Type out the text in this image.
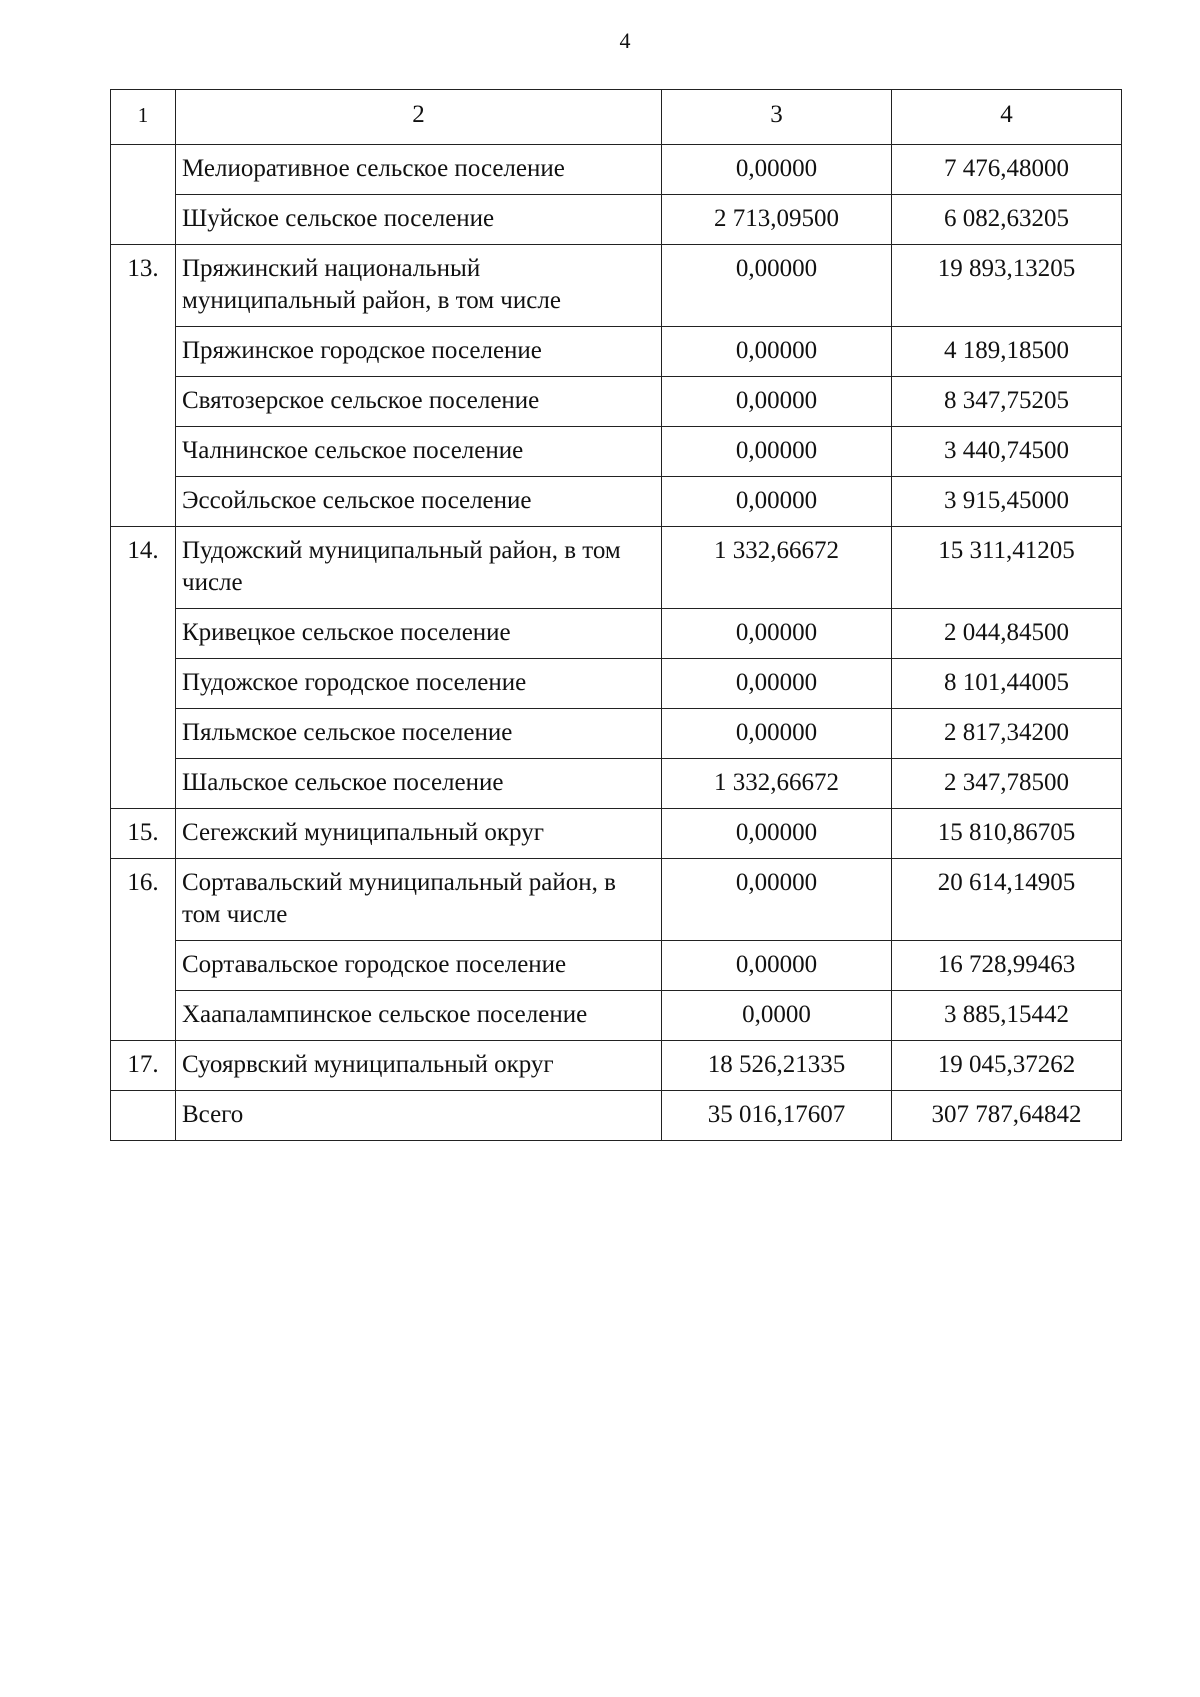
4
1	2	3	4
	Мелиоративное сельское поселение	0,00000	7 476,48000
	Шуйское сельское поселение	2 713,09500	6 082,63205
13.	Пряжинский национальный муниципальный район, в том числе	0,00000	19 893,13205
	Пряжинское городское поселение	0,00000	4 189,18500
	Святозерское сельское поселение	0,00000	8 347,75205
	Чалнинское сельское поселение	0,00000	3 440,74500
	Эссойльское сельское поселение	0,00000	3 915,45000
14.	Пудожский муниципальный район, в том числе	1 332,66672	15 311,41205
	Кривецкое сельское поселение	0,00000	2 044,84500
	Пудожское городское поселение	0,00000	8 101,44005
	Пяльмское сельское поселение	0,00000	2 817,34200
	Шальское сельское поселение	1 332,66672	2 347,78500
15.	Сегежский муниципальный округ	0,00000	15 810,86705
16.	Сортавальский муниципальный район, в том числе	0,00000	20 614,14905
	Сортавальское городское поселение	0,00000	16 728,99463
	Хаапалампинское сельское поселение	0,0000	3 885,15442
17.	Суоярвский муниципальный округ	18 526,21335	19 045,37262
	Всего	35 016,17607	307 787,64842
